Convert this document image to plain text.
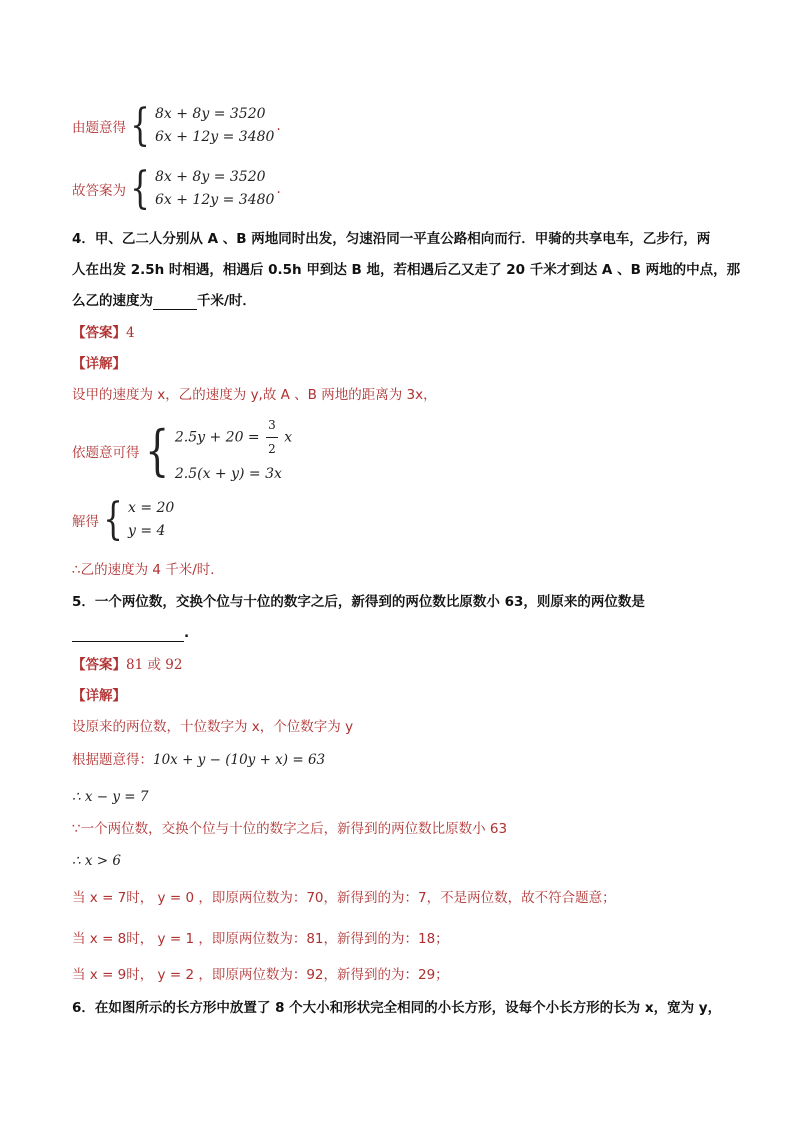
由题意得 { 8x + 8y = 3520
6x + 12y = 3480
.
故答案为 { 8x + 8y = 3520
6x + 12y = 3480
.
4．甲、乙二人分别从 A 、B 两地同时出发，匀速沿同一平直公路相向而行．甲骑的共享电车，乙步行，两
人在出发 2.5h 时相遇，相遇后 0.5h 甲到达 B 地，若相遇后乙又走了 20 千米才到达 A 、B 两地的中点，那
么乙的速度为	千米/时．
【答案】4
【详解】
设甲的速度为 x，乙的速度为 y,故 A 、B 两地的距离为 3x，
依题意可得 { $2.5y + 20 = \frac{3}{2}$ x
2.5(x + y) = 3x
解得 { x = 20
y = 4
∴乙的速度为 4 千米/时．
5．一个两位数，交换个位与十位的数字之后，新得到的两位数比原数小 63，则原来的两位数是
.
【答案】81 或 92
【详解】
设原来的两位数，十位数字为 x，个位数字为 y
根据题意得：10x + y − (10y + x) = 63
∴ x − y = 7
∵一个两位数，交换个位与十位的数字之后，新得到的两位数比原数小 63
∴ x > 6
当 x = 7时， y = 0 ，即原两位数为：70，新得到的为：7，不是两位数，故不符合题意；
当 x = 8时， y = 1 ，即原两位数为：81，新得到的为：18；
当 x = 9时， y = 2 ，即原两位数为：92，新得到的为：29；
6．在如图所示的长方形中放置了 8 个大小和形状完全相同的小长方形，设每个小长方形的长为 x，宽为 y，
